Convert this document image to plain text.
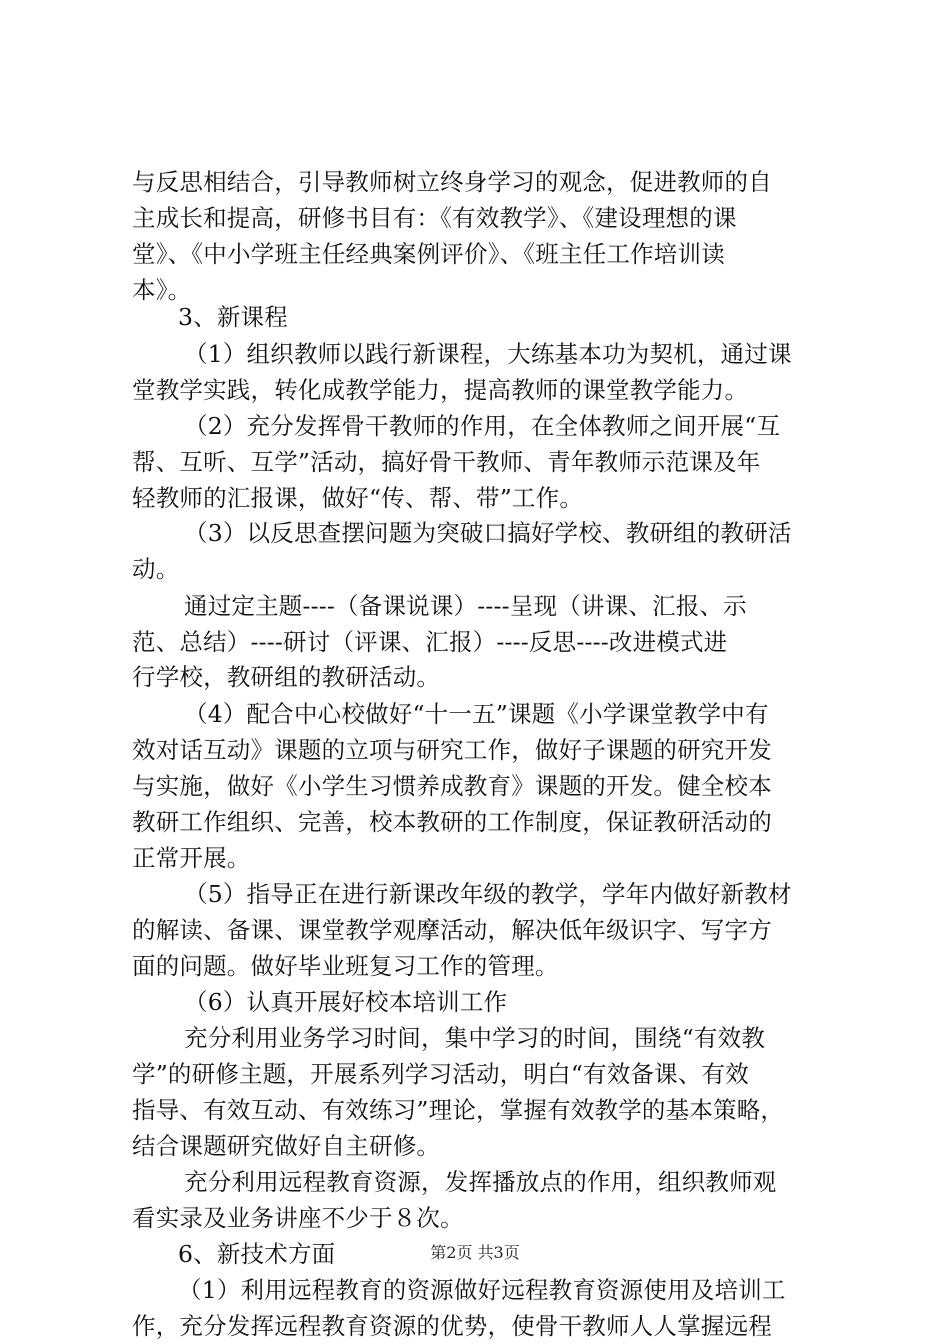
与反思相结合，引导教师树立终身学习的观念，促进教师的自
主成长和提高，研修书目有：《有效教学》、《建设理想的课
堂》、《中小学班主任经典案例评价》、《班主任工作培训读
本》。
3、新课程
（1）组织教师以践行新课程，大练基本功为契机，通过课
堂教学实践，转化成教学能力，提高教师的课堂教学能力。
（2）充分发挥骨干教师的作用，在全体教师之间开展“互
帮、互听、互学”活动，搞好骨干教师、青年教师示范课及年
轻教师的汇报课，做好“传、帮、带”工作。
（3）以反思查摆问题为突破口搞好学校、教研组的教研活
动。
通过定主题----（备课说课）----呈现（讲课、汇报、示
范、总结）----研讨（评课、汇报）----反思----改进模式进
行学校，教研组的教研活动。
（4）配合中心校做好“十一五”课题《小学课堂教学中有
效对话互动》课题的立项与研究工作，做好子课题的研究开发
与实施，做好《小学生习惯养成教育》课题的开发。健全校本
教研工作组织、完善，校本教研的工作制度，保证教研活动的
正常开展。
（5）指导正在进行新课改年级的教学，学年内做好新教材
的解读、备课、课堂教学观摩活动，解决低年级识字、写字方
面的问题。做好毕业班复习工作的管理。
（6）认真开展好校本培训工作
充分利用业务学习时间，集中学习的时间，围绕“有效教
学”的研修主题，开展系列学习活动，明白“有效备课、有效
指导、有效互动、有效练习”理论，掌握有效教学的基本策略，
结合课题研究做好自主研修。
充分利用远程教育资源，发挥播放点的作用，组织教师观
看实录及业务讲座不少于８次。
6、新技术方面
（1）利用远程教育的资源做好远程教育资源使用及培训工
作，充分发挥远程教育资源的优势，使骨干教师人人掌握远程
第2页 共3页
